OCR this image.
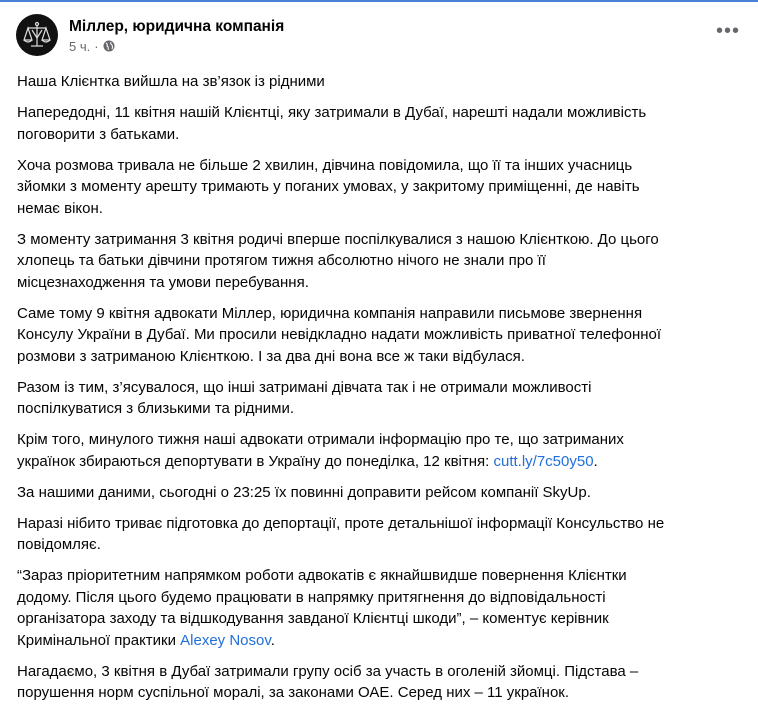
Міллер, юридична компанія
5 ч. ·
•••

Наша Клієнтка вийшла на зв’язок із рідними

Напередодні, 11 квітня нашій Клієнтці, яку затримали в Дубаї, нарешті надали можливість
поговорити з батьками.

Хоча розмова тривала не більше 2 хвилин, дівчина повідомила, що її та інших учасниць
зйомки з моменту арешту тримають у поганих умовах, у закритому приміщенні, де навіть
немає вікон.

З моменту затримання 3 квітня родичі вперше поспілкувалися з нашою Клієнткою. До цього
хлопець та батьки дівчини протягом тижня абсолютно нічого не знали про її
місцезнаходження та умови перебування.

Саме тому 9 квітня адвокати Міллер, юридична компанія направили письмове звернення
Консулу України в Дубаї. Ми просили невідкладно надати можливість приватної телефонної
розмови з затриманою Клієнткою. І за два дні вона все ж таки відбулася.

Разом із тим, з’ясувалося, що інші затримані дівчата так і не отримали можливості
поспілкуватися з близькими та рідними.

Крім того, минулого тижня наші адвокати отримали інформацію про те, що затриманих
українок збираються депортувати в Україну до понеділка, 12 квітня: cutt.ly/7c50y50.

За нашими даними, сьогодні о 23:25 їх повинні доправити рейсом компанії SkyUp.

Наразі нібито триває підготовка до депортації, проте детальнішої інформації Консульство не
повідомляє.

“Зараз пріоритетним напрямком роботи адвокатів є якнайшвидше повернення Клієнтки
додому. Після цього будемо працювати в напрямку притягнення до відповідальності
організатора заходу та відшкодування завданої Клієнтці шкоди”, – коментує керівник
Кримінальної практики Alexey Nosov.

Нагадаємо, 3 квітня в Дубаї затримали групу осіб за участь в оголеній зйомці. Підстава –
порушення норм суспільної моралі, за законами ОАЕ. Серед них – 11 українок.
